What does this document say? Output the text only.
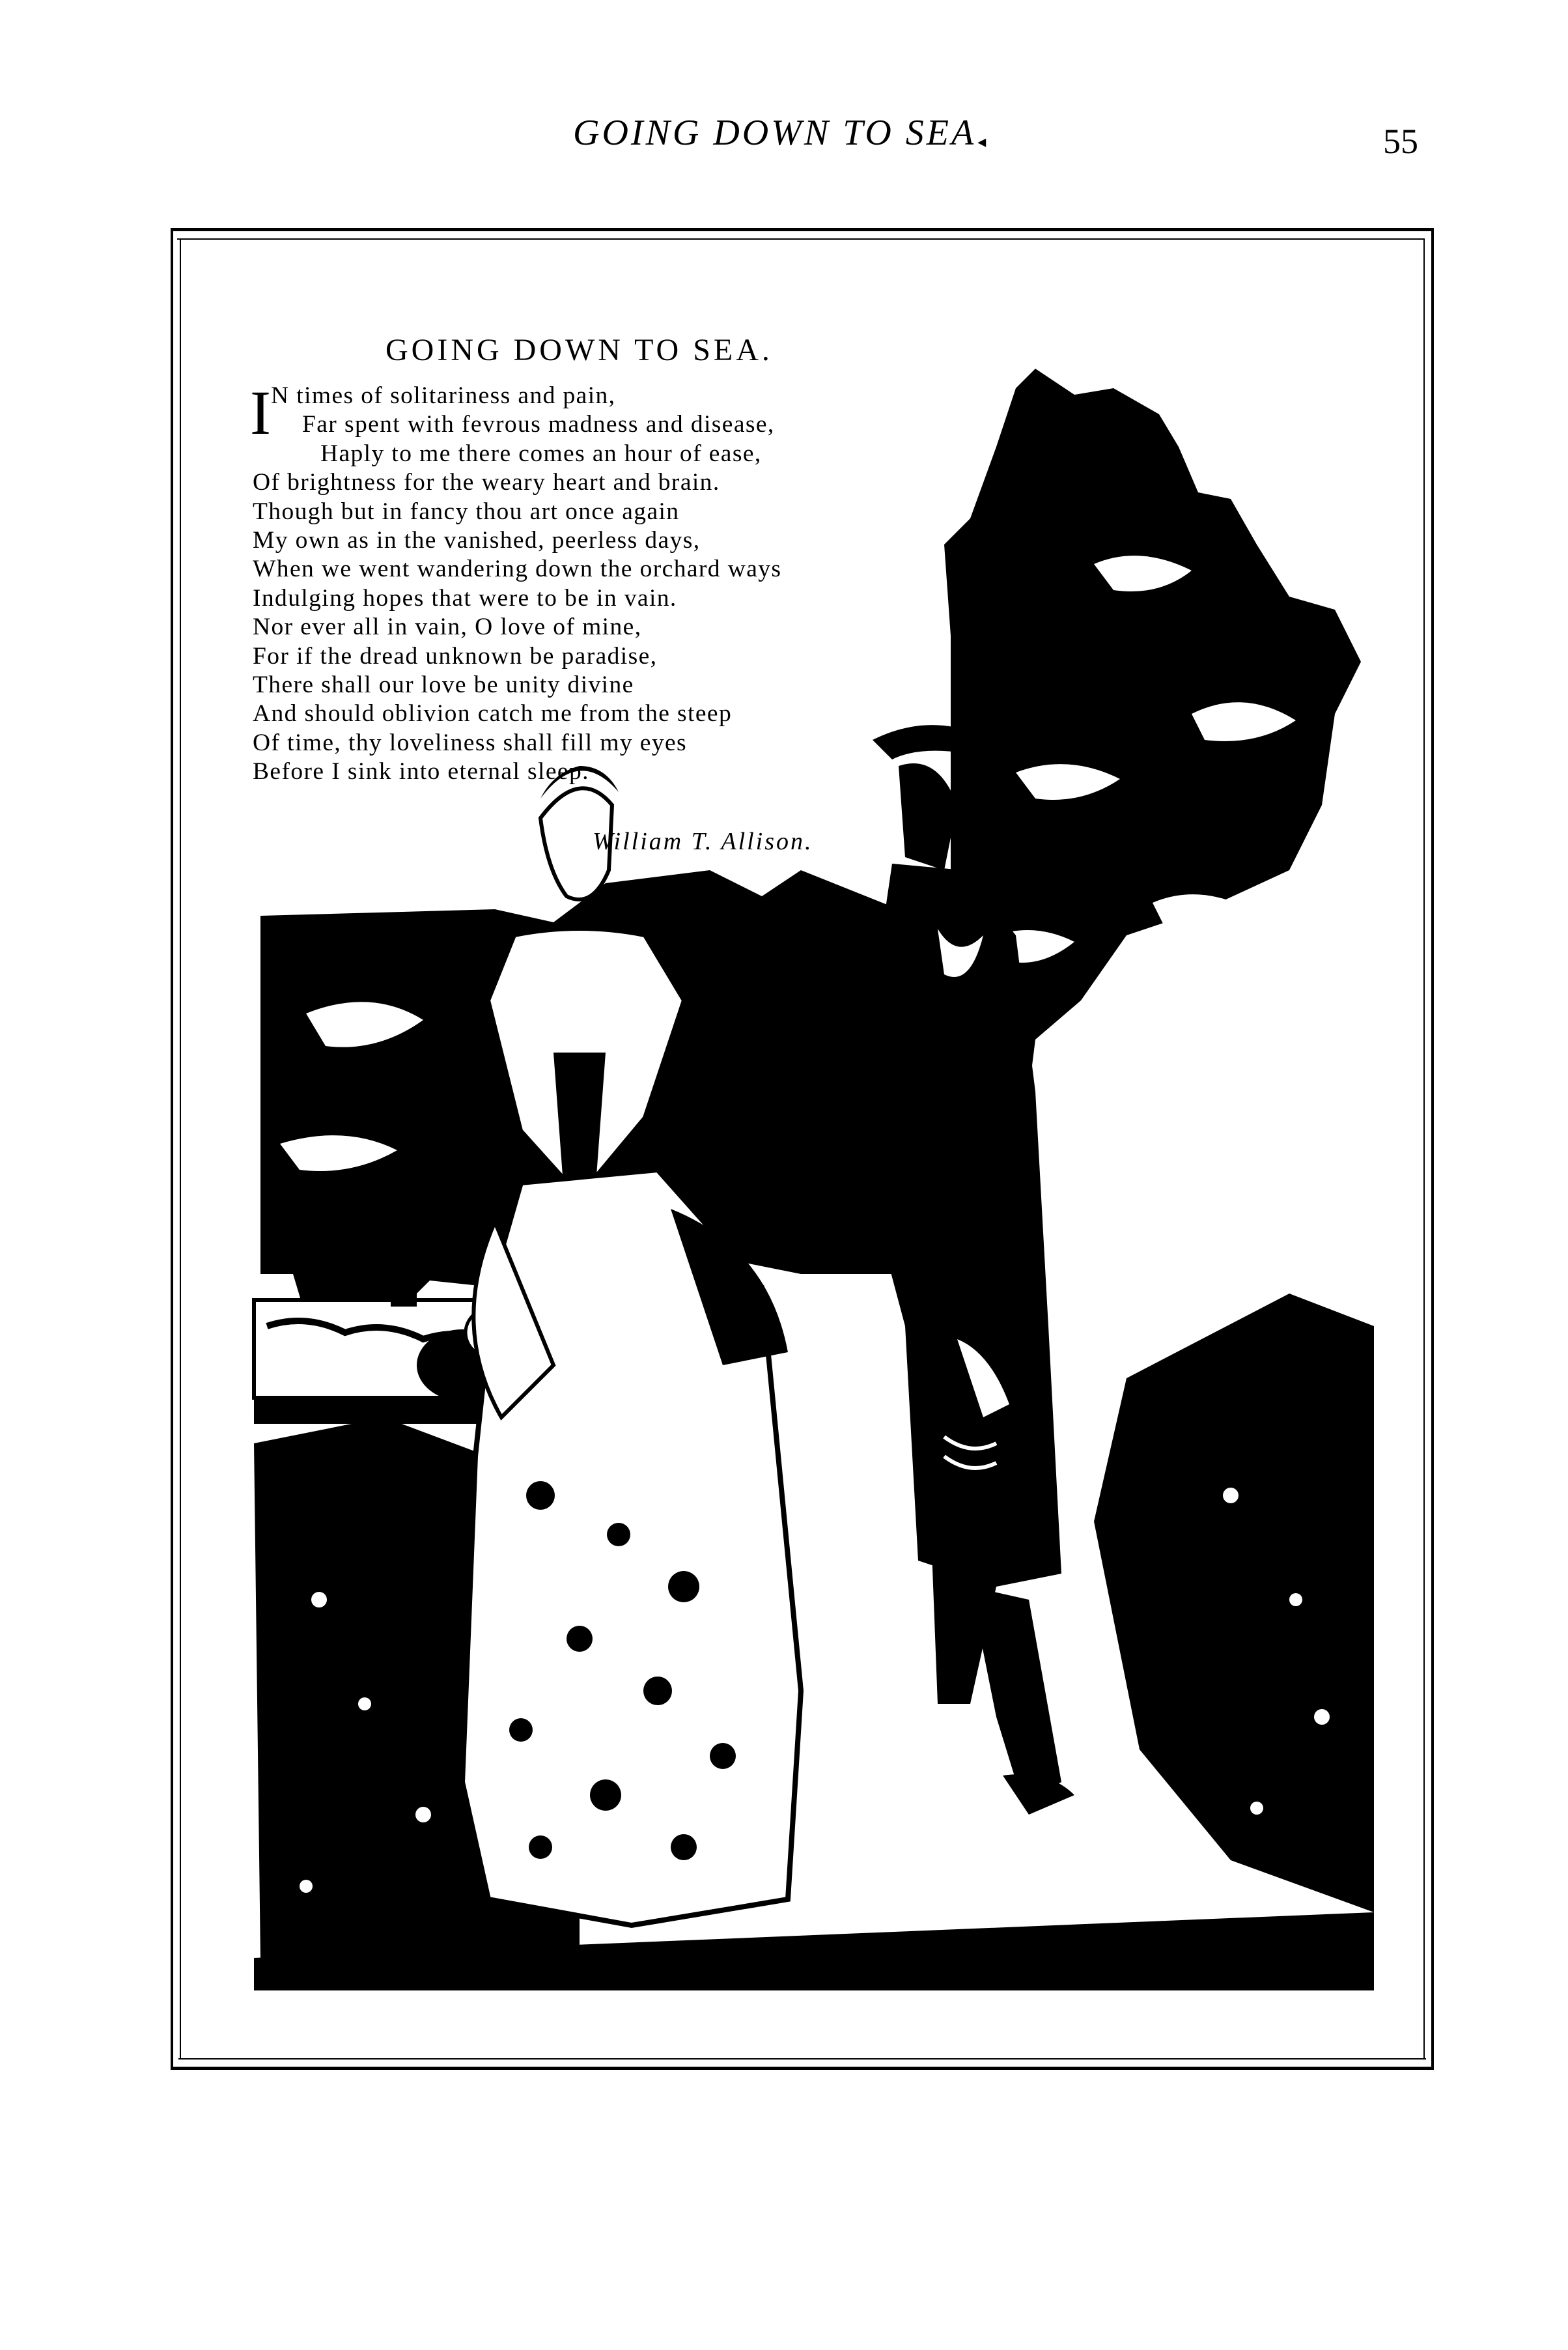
GOING DOWN TO SEA◂	55
GOING DOWN TO SEA.
I N times of solitariness and pain,
Far spent with fevrous madness and disease,
Haply to me there comes an hour of ease,
Of brightness for the weary heart and brain.
Though but in fancy thou art once again
My own as in the vanished, peerless days,
When we went wandering down the orchard ways
Indulging hopes that were to be in vain.
Nor ever all in vain, O love of mine,
For if the dread unknown be paradise,
There shall our love be unity divine
And should oblivion catch me from the steep
Of time, thy loveliness shall fill my eyes
Before I sink into eternal sleep.
William T. Allison.
